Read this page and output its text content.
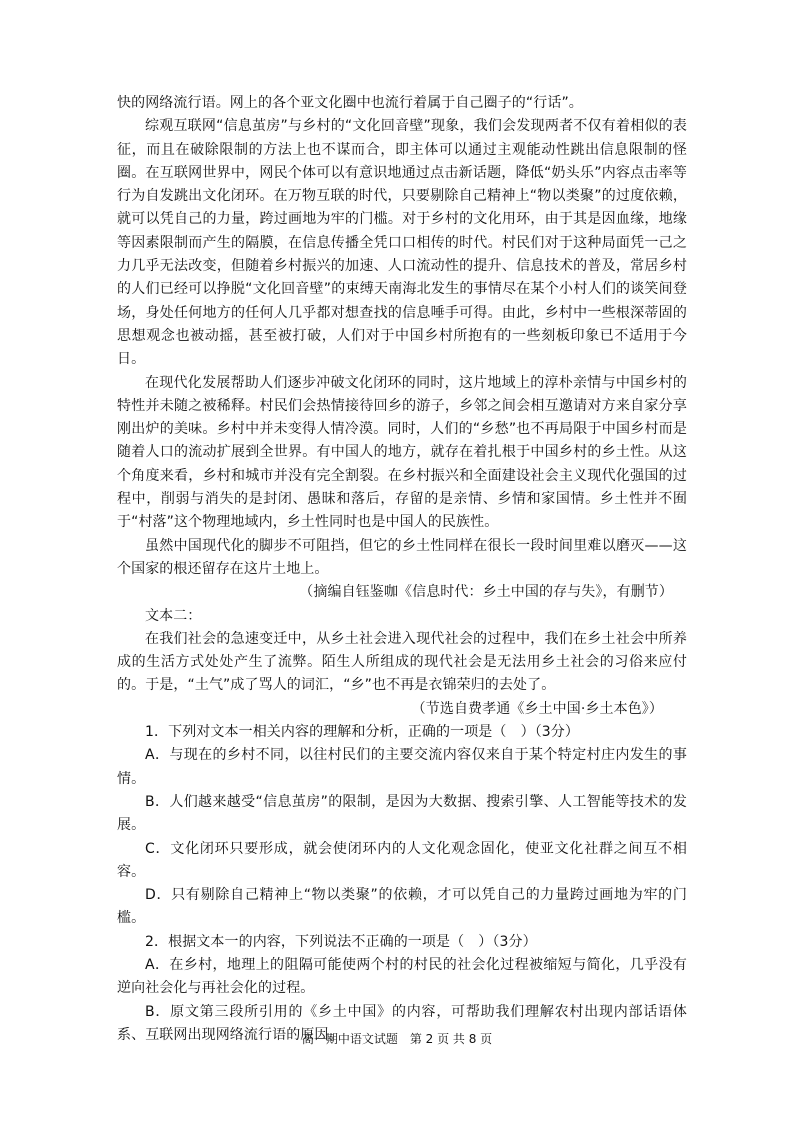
快的网络流行语。网上的各个亚文化圈中也流行着属于自己圈子的“行话”。

综观互联网“信息茧房”与乡村的“文化回音壁”现象，我们会发现两者不仅有着相似的表征，而且在破除限制的方法上也不谋而合，即主体可以通过主观能动性跳出信息限制的怪圈。在互联网世界中，网民个体可以有意识地通过点击新话题，降低“奶头乐”内容点击率等行为自发跳出文化闭环。在万物互联的时代，只要剔除自己精神上“物以类聚”的过度依赖，就可以凭自己的力量，跨过画地为牢的门槛。对于乡村的文化用环，由于其是因血缘，地缘等因素限制而产生的隔膜，在信息传播全凭口口相传的时代。村民们对于这种局面凭一己之力几乎无法改变，但随着乡村振兴的加速、人口流动性的提升、信息技术的普及，常居乡村的人们已经可以挣脱“文化回音壁”的束缚天南海北发生的事情尽在某个小村人们的谈笑间登场，身处任何地方的任何人几乎都对想查找的信息唾手可得。由此，乡村中一些根深蒂固的思想观念也被动摇，甚至被打破，人们对于中国乡村所抱有的一些刻板印象已不适用于今日。

在现代化发展帮助人们逐步冲破文化闭环的同时，这片地域上的淳朴亲情与中国乡村的特性并未随之被稀释。村民们会热情接待回乡的游子，乡邻之间会相互邀请对方来自家分享刚出炉的美味。乡村中并未变得人情冷漠。同时，人们的“乡愁”也不再局限于中国乡村而是随着人口的流动扩展到全世界。有中国人的地方，就存在着扎根于中国乡村的乡土性。从这个角度来看，乡村和城市并没有完全割裂。在乡村振兴和全面建设社会主义现代化强国的过程中，削弱与消失的是封闭、愚昧和落后，存留的是亲情、乡情和家国情。乡土性并不囿于“村落”这个物理地域内，乡土性同时也是中国人的民族性。

虽然中国现代化的脚步不可阻挡，但它的乡土性同样在很长一段时间里难以磨灭——这个国家的根还留存在这片土地上。

（摘编自钰鉴咖《信息时代：乡土中国的存与失》，有删节）

文本二：

在我们社会的急速变迁中，从乡土社会进入现代社会的过程中，我们在乡土社会中所养成的生活方式处处产生了流弊。陌生人所组成的现代社会是无法用乡土社会的习俗来应付的。于是，“土气”成了骂人的词汇，“乡”也不再是衣锦荣归的去处了。

（节选自费孝通《乡土中国·乡土本色》）

1．下列对文本一相关内容的理解和分析，正确的一项是（　）（3分）

A．与现在的乡村不同，以往村民们的主要交流内容仅来自于某个特定村庄内发生的事情。

B．人们越来越受“信息茧房”的限制，是因为大数据、搜索引擎、人工智能等技术的发展。

C．文化闭环只要形成，就会使闭环内的人文化观念固化，使亚文化社群之间互不相容。

D．只有剔除自己精神上“物以类聚”的依赖，才可以凭自己的力量跨过画地为牢的门槛。

2．根据文本一的内容，下列说法不正确的一项是（　）（3分）

A．在乡村，地理上的阻隔可能使两个村的村民的社会化过程被缩短与简化，几乎没有逆向社会化与再社会化的过程。

B．原文第三段所引用的《乡土中国》的内容，可帮助我们理解农村出现内部话语体系、互联网出现网络流行语的原因。

高一期中语文试题　第 2 页 共 8 页
